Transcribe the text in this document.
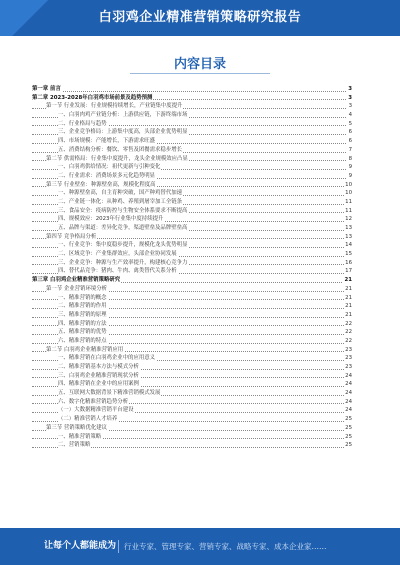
白羽鸡企业精准营销策略研究报告
内容目录
第一章 前言	3
第二章 2023-2028年白羽鸡市场前景及趋势预测	3
第一节 行业发展：行业规模持续增长，产业链集中度提升	3
一、白羽肉鸡产业链分析：上游供应链，下游终端市场	4
二、行业格局与趋势	5
三、企业竞争格局：上游集中度高，头部企业优势明显	6
四、市场规模：产能增长，下游需求旺盛	6
五、消费结构分析：餐饮、零售及团餐需求稳步增长	7
第二节 供需格局：行业集中度提升，龙头企业规模效应凸显	8
一、白羽鸡供给情况：祖代更新与引种变化	9
二、行业需求：消费场景多元化趋势明显	9
第三节 行业壁垒：种源壁垒高，规模化程度高	10
一、种源壁垒高，自主育种突破，国产种鸡替代加速	10
二、产业链一体化：从种鸡、养殖到屠宰加工全链条	11
三、食品安全：疫病防控与生物安全体系要求不断提高	11
四、规模效应：2023年行业集中度持续提升	12
五、品牌与渠道：差异化竞争，渠道壁垒及品牌壁垒高	13
第四节 竞争格局分析	13
一、行业竞争：集中度稳步提升，规模化龙头优势明显	14
二、区域竞争：产业集群效应，头部企业协同发展	15
三、企业竞争：种源与生产效率提升，构建核心竞争力	16
四、替代品竞争：猪肉、牛肉、禽类替代关系分析	17
第三章 白羽鸡企业精准营销策略研究	21
第一节 企业营销环境分析	21
一、精准营销的概念	21
二、精准营销的作用	21
三、精准营销的原理	21
四、精准营销的方法	22
五、精准营销的优势	22
六、精准营销的特点	22
第二节 白羽鸡企业精准营销应用	23
一、精准营销在白羽鸡企业中的应用意义	23
二、精准营销基本方法与模式分析	23
三、白羽鸡企业精准营销现状分析	24
四、精准营销在企业中的应用案例	24
五、互联网大数据背景下精准营销模式发展	24
六、数字化精准营销趋势分析	24
（一）大数据精准营销平台建设	24
（二）精准营销人才培养	25
第三节 营销策略优化建议	25
一、精准营销策略	25
二、营销策略	25
让每个人都能成为 行业专家、管理专家、营销专家、战略专家、成本企业家……
